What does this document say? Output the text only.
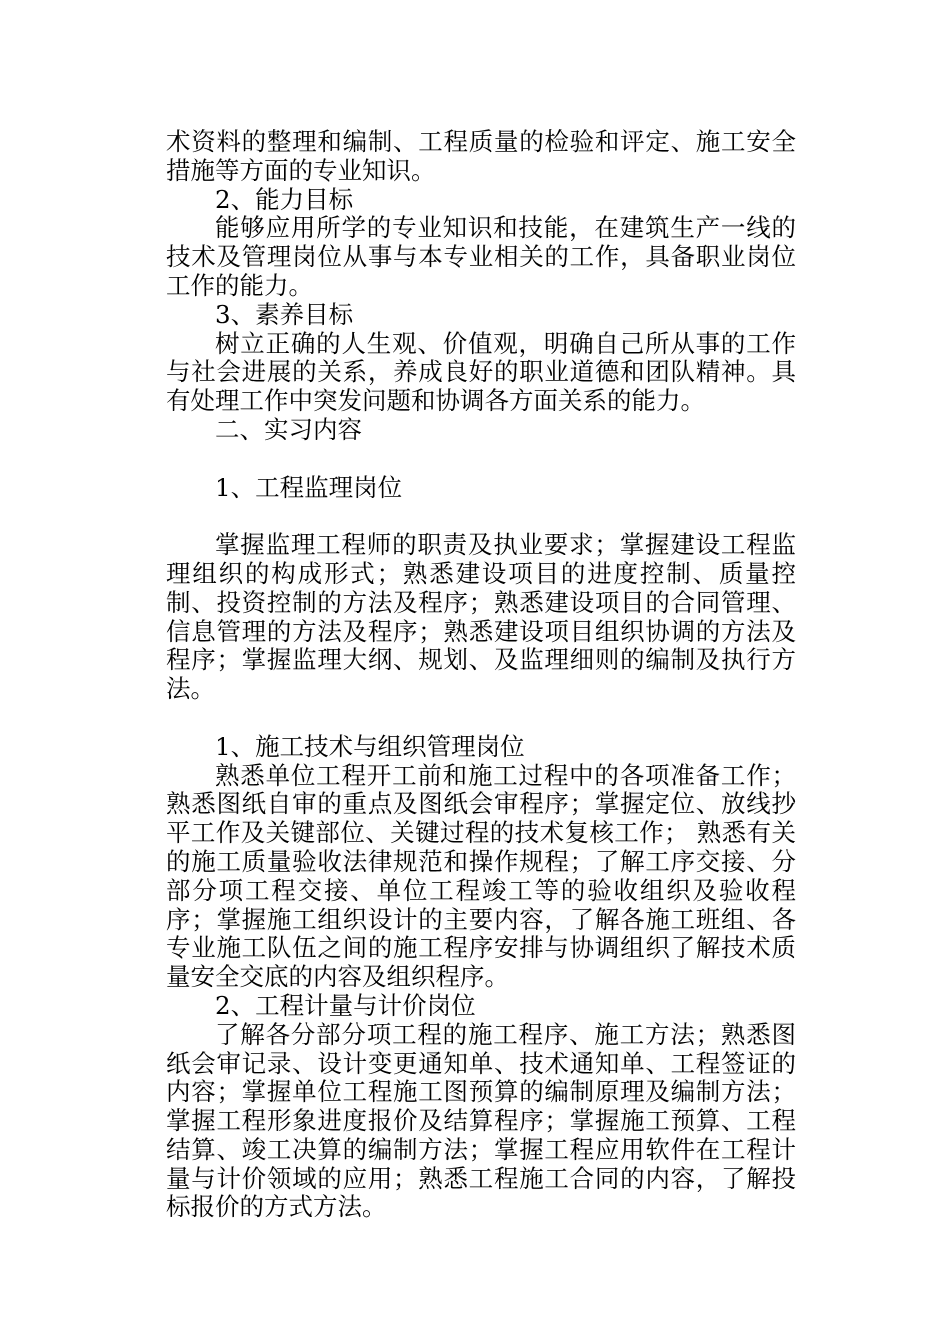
术资料的整理和编制、工程质量的检验和评定、施工安全措施等方面的专业知识。

2、能力目标

能够应用所学的专业知识和技能，在建筑生产一线的技术及管理岗位从事与本专业相关的工作，具备职业岗位工作的能力。

3、素养目标

树立正确的人生观、价值观，明确自己所从事的工作与社会进展的关系，养成良好的职业道德和团队精神。具有处理工作中突发问题和协调各方面关系的能力。

二、实习内容

1、工程监理岗位

掌握监理工程师的职责及执业要求；掌握建设工程监理组织的构成形式；熟悉建设项目的进度控制、质量控制、投资控制的方法及程序；熟悉建设项目的合同管理、信息管理的方法及程序；熟悉建设项目组织协调的方法及程序；掌握监理大纲、规划、及监理细则的编制及执行方法。

1、施工技术与组织管理岗位

熟悉单位工程开工前和施工过程中的各项准备工作；熟悉图纸自审的重点及图纸会审程序；掌握定位、放线抄平工作及关键部位、关键过程的技术复核工作； 熟悉有关的施工质量验收法律规范和操作规程；了解工序交接、分部分项工程交接、单位工程竣工等的验收组织及验收程序；掌握施工组织设计的主要内容，了解各施工班组、各专业施工队伍之间的施工程序安排与协调组织了解技术质量安全交底的内容及组织程序。

2、工程计量与计价岗位

了解各分部分项工程的施工程序、施工方法；熟悉图纸会审记录、设计变更通知单、技术通知单、工程签证的内容；掌握单位工程施工图预算的编制原理及编制方法；掌握工程形象进度报价及结算程序；掌握施工预算、工程结算、竣工决算的编制方法；掌握工程应用软件在工程计量与计价领域的应用；熟悉工程施工合同的内容，了解投标报价的方式方法。
